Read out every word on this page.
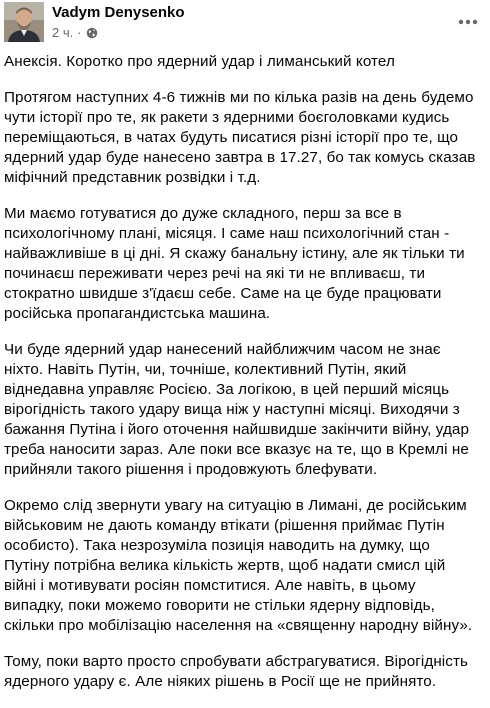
Vadym Denysenko
2 ч. ·

Анексія. Коротко про ядерний удар і лиманський котел

Протягом наступних 4-6 тижнів ми по кілька разів на день будемо чути історії про те, як ракети з ядерними боєголовками кудись переміщаються, в чатах будуть писатися різні історії про те, що ядерний удар буде нанесено завтра в 17.27, бо так комусь сказав міфічний представник розвідки і т.д.

Ми маємо готуватися до дуже складного, перш за все в психологічному плані, місяця. І саме наш психологічний стан - найважливіше в ці дні. Я скажу банальну істину, але як тільки ти починаєш переживати через речі на які ти не впливаєш, ти стократно швидше з'їдаєш себе. Саме на це буде працювати російська пропагандистська машина.

Чи буде ядерний удар нанесений найближчим часом не знає ніхто. Навіть Путін, чи, точніше, колективний Путін, який віднедавна управляє Росією. За логікою, в цей перший місяць вірогідність такого удару вища ніж у наступні місяці. Виходячи з бажання Путіна і його оточення найшвидше закінчити війну, удар треба наносити зараз. Але поки все вказує на те, що в Кремлі не прийняли такого рішення і продовжують блефувати.

Окремо слід звернути увагу на ситуацію в Лимані, де російським військовим не дають команду втікати (рішення приймає Путін особисто). Така незрозуміла позиція наводить на думку, що Путіну потрібна велика кількість жертв, щоб надати смисл цій війні і мотивувати росіян помститися. Але навіть, в цьому випадку, поки можемо говорити не стільки ядерну відповідь, скільки про мобілізацію населення на «священну народну війну».

Тому, поки варто просто спробувати абстрагуватися. Вірогідність ядерного удару є. Але ніяких рішень в Росії ще не прийнято.
